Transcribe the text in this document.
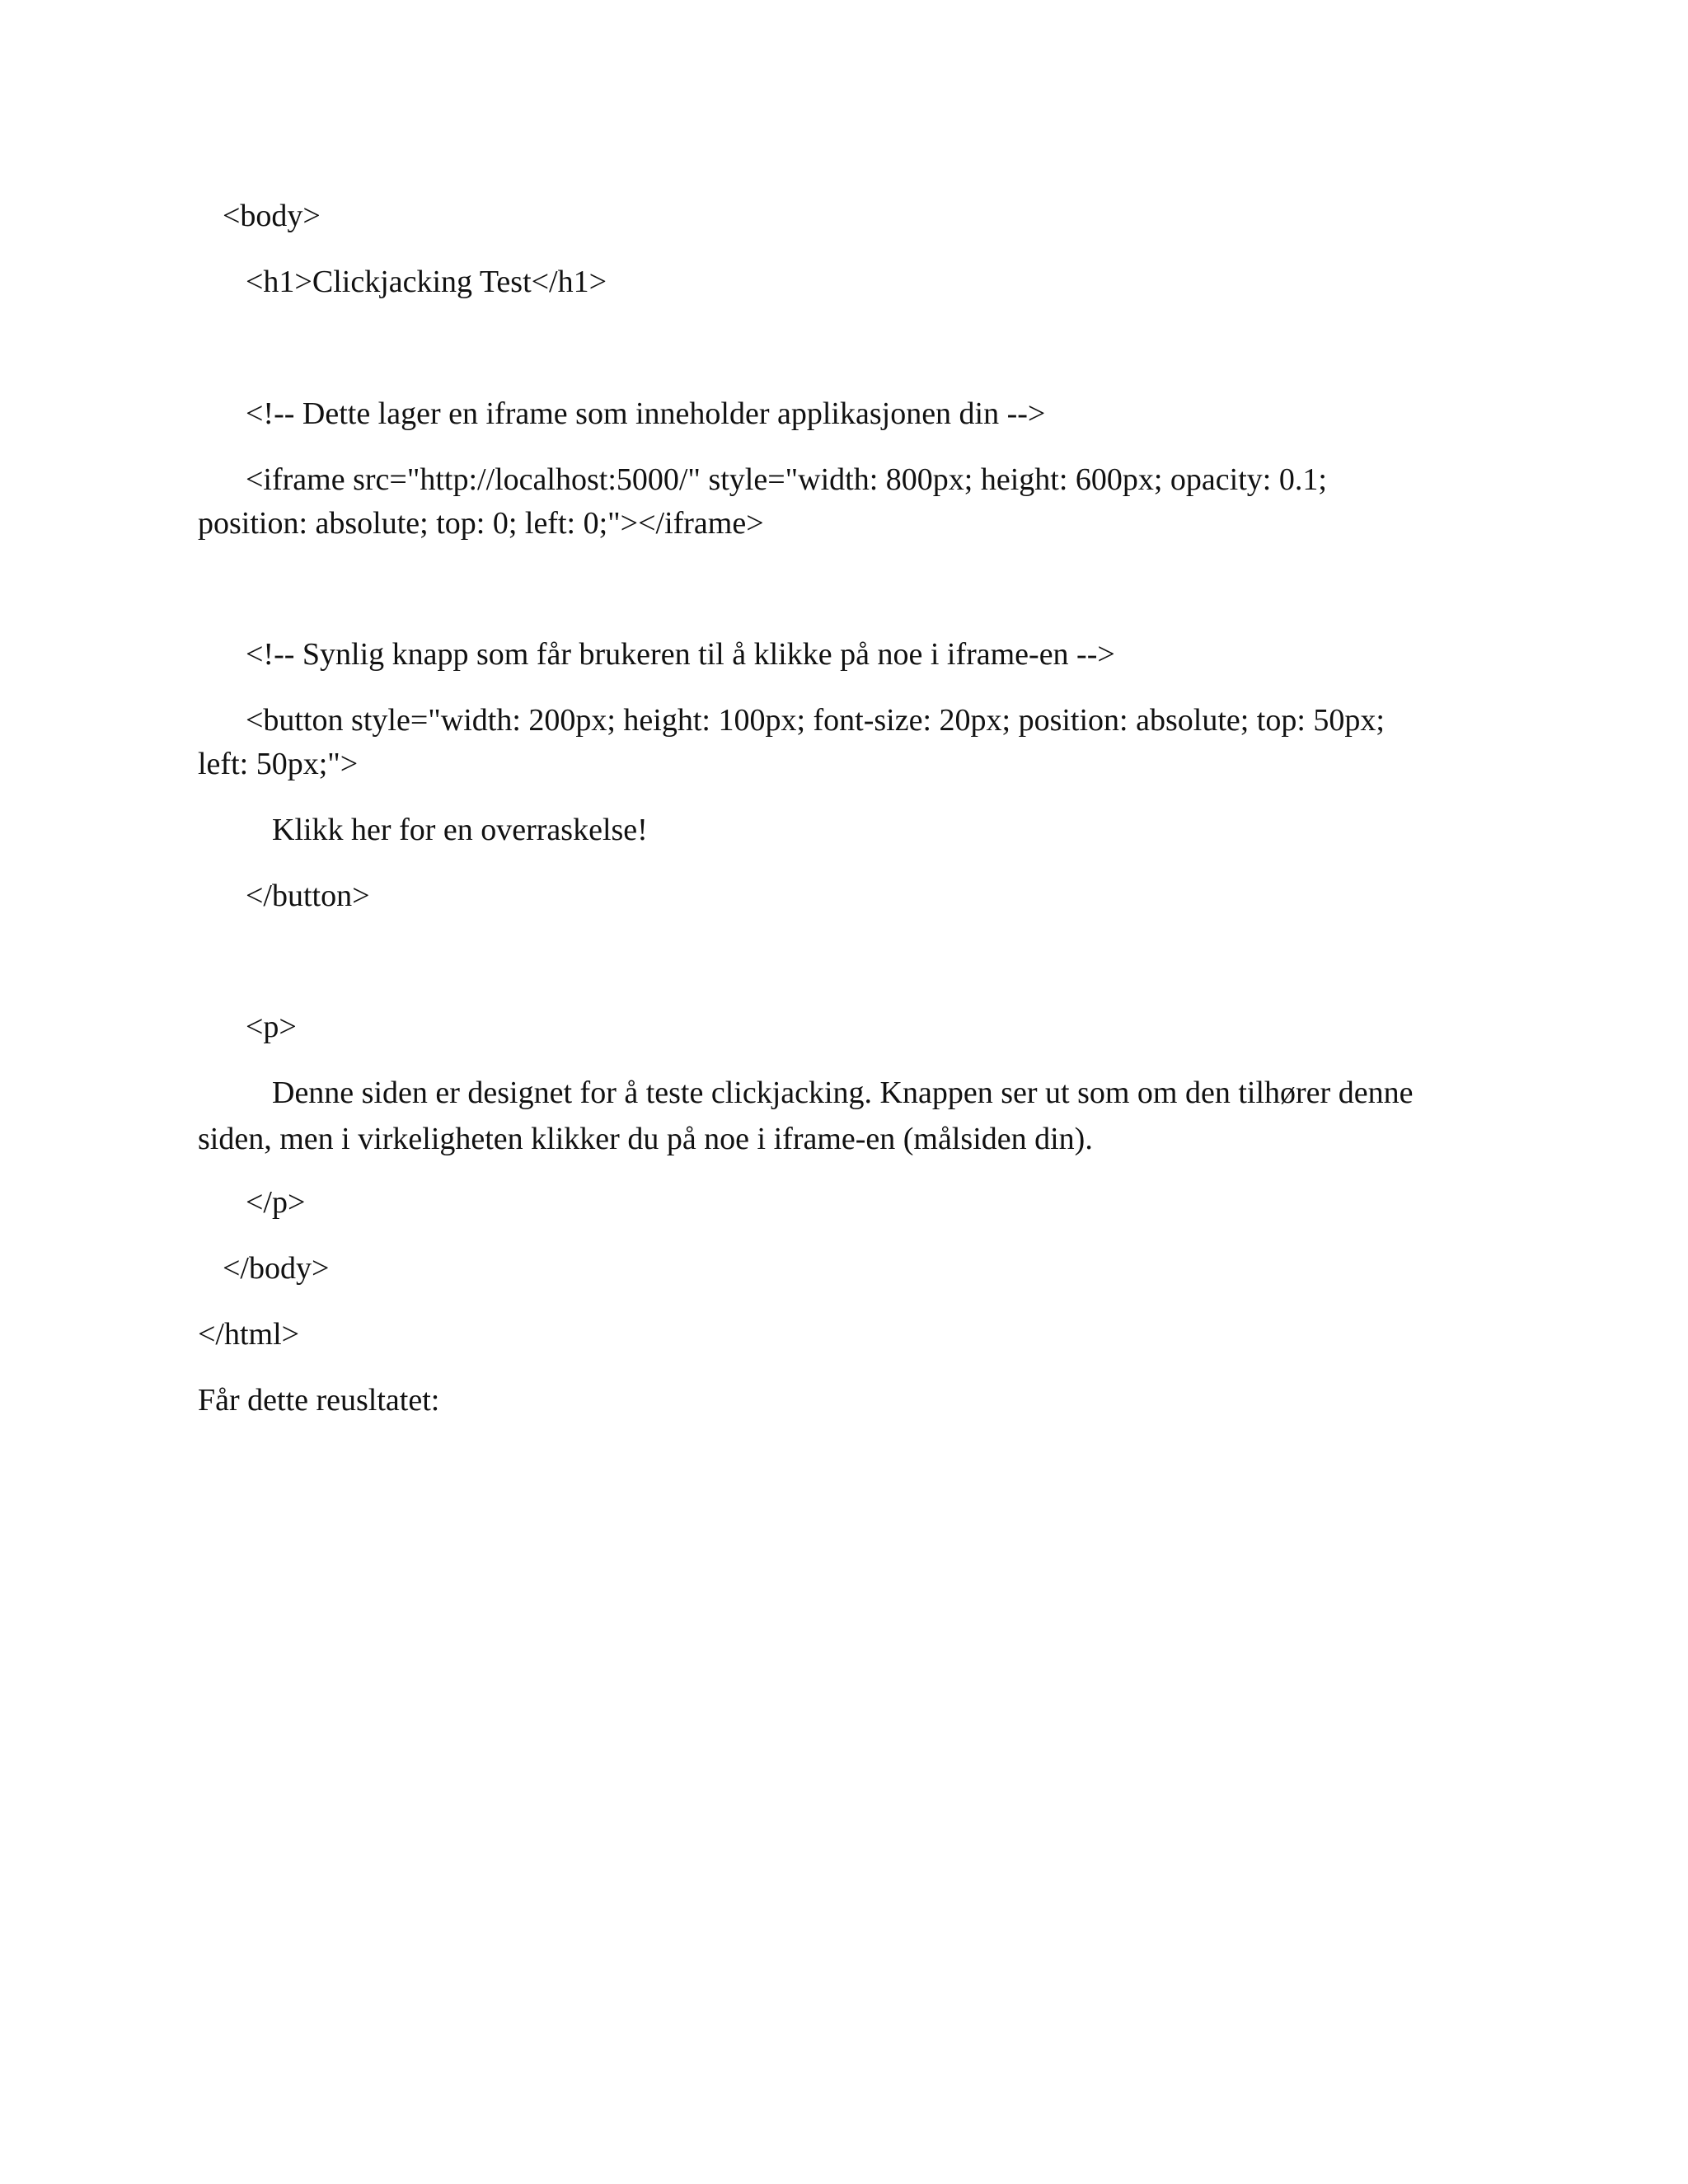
<body>
<h1>Clickjacking Test</h1>
<!-- Dette lager en iframe som inneholder applikasjonen din -->
<iframe src="http://localhost:5000/" style="width: 800px; height: 600px; opacity: 0.1;
position: absolute; top: 0; left: 0;"></iframe>
<!-- Synlig knapp som får brukeren til å klikke på noe i iframe-en -->
<button style="width: 200px; height: 100px; font-size: 20px; position: absolute; top: 50px;
left: 50px;">
Klikk her for en overraskelse!
</button>
<p>
Denne siden er designet for å teste clickjacking. Knappen ser ut som om den tilhører denne
siden, men i virkeligheten klikker du på noe i iframe-en (målsiden din).
</p>
</body>
</html>
Får dette reusltatet:
